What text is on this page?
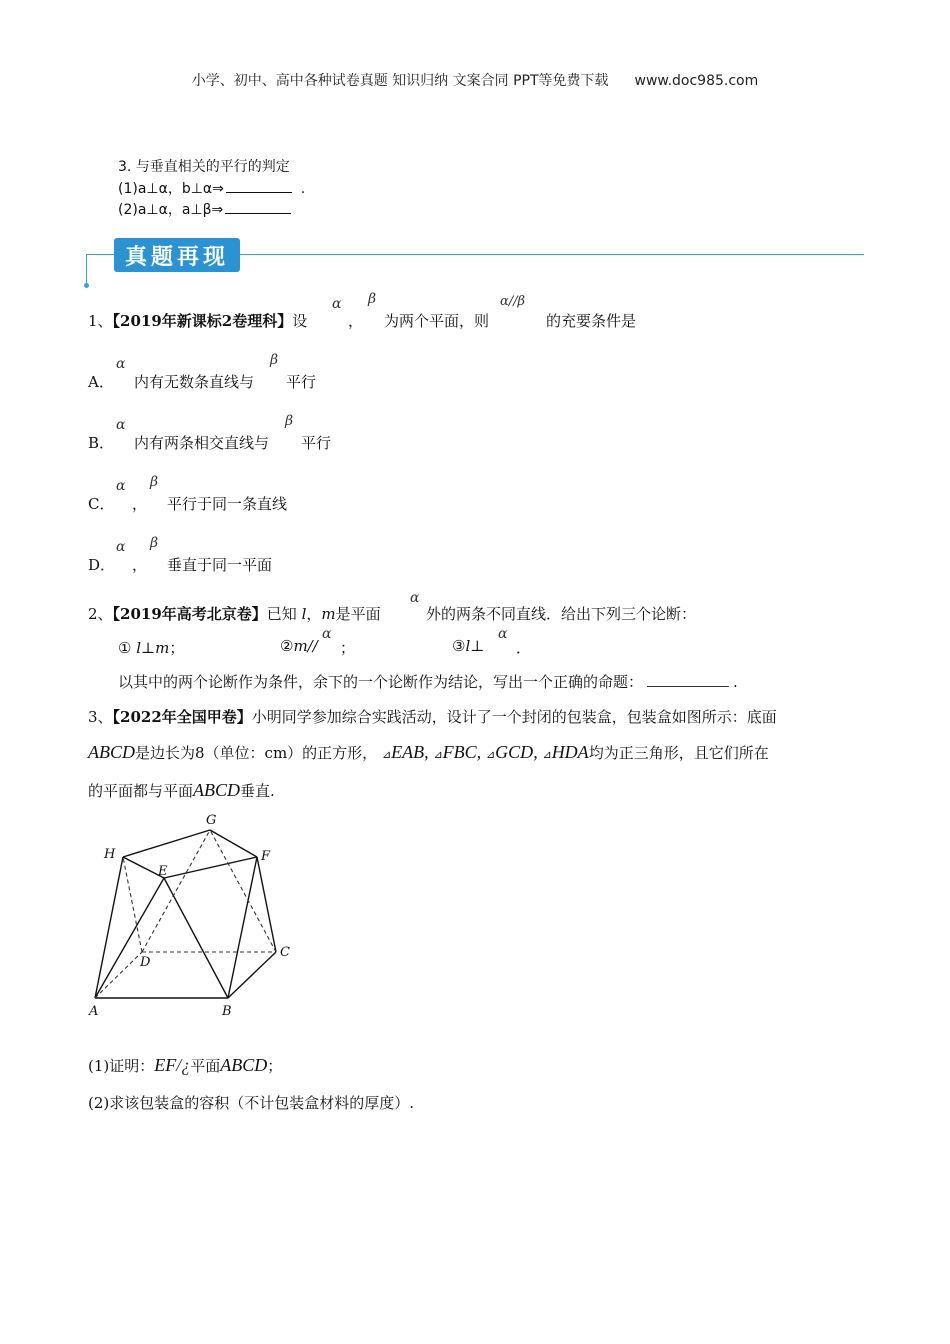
小学、初中、高中各种试卷真题 知识归纳 文案合同 PPT等免费下载 www.doc985.com
3. 与垂直相关的平行的判定
(1)a⊥α，b⊥α⇒	.
(2)a⊥α，a⊥β⇒
真题再现
1、【2019年新课标2卷理科】设
α
，
β
为两个平面，则
α//β
的充要条件是
A．
α
内有无数条直线与
β
平行
B．
α
内有两条相交直线与
β
平行
C．
α
，
β
平行于同一条直线
D．
α
，
β
垂直于同一平面
2、【2019年高考北京卷】已知 l，m是平面
α
外的两条不同直线．给出下列三个论断：
① l⊥m；	②m//
α
；	③l⊥
α
．
以其中的两个论断作为条件，余下的一个论断作为结论，写出一个正确的命题：	.
3、【2022年全国甲卷】小明同学参加综合实践活动，设计了一个封闭的包装盒，包装盒如图所示：底面
ABCD是边长为8（单位：cm）的正方形， ⊿EAB, ⊿FBC, ⊿GCD, ⊿HDA均为正三角形，且它们所在
的平面都与平面ABCD垂直.
G
H	F
E
C
D
A	B
(1)证明：EF/¿平面ABCD；
(2)求该包装盒的容积（不计包装盒材料的厚度）.
